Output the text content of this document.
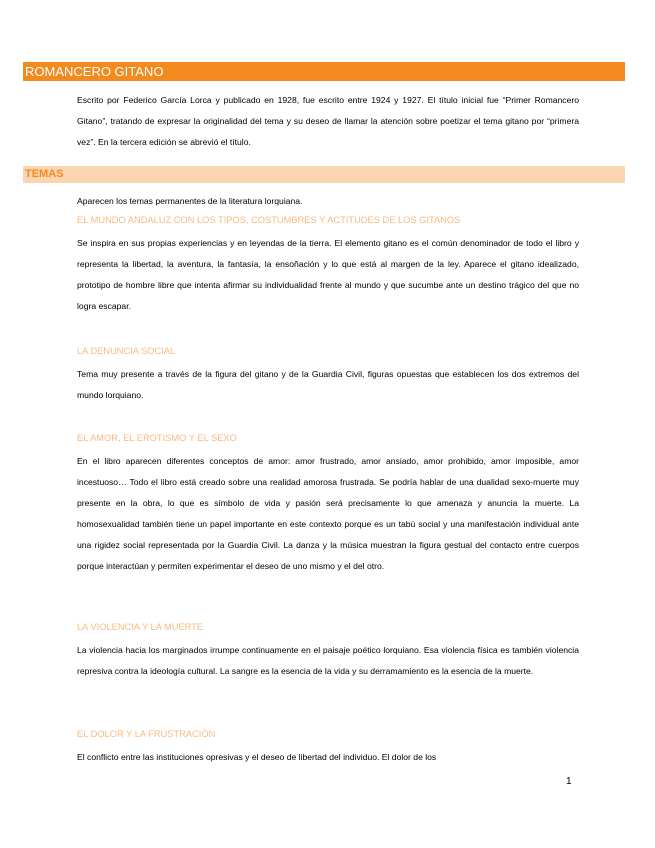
ROMANCERO GITANO

Escrito por Federico García Lorca y publicado en 1928, fue escrito entre 1924 y 1927. El título inicial fue “Primer Romancero Gitano”, tratando de expresar la originalidad del tema y su deseo de llamar la atención sobre poetizar el tema gitano por “primera vez”. En la tercera edición se abrevió el título.

TEMAS

Aparecen los temas permanentes de la literatura lorquiana.

EL MUNDO ANDALUZ CON LOS TIPOS, COSTUMBRES Y ACTITUDES DE LOS GITANOS

Se inspira en sus propias experiencias y en leyendas de la tierra. El elemento gitano es el común denominador de todo el libro y representa la libertad, la aventura, la fantasía, la ensoñación y lo que está al margen de la ley. Aparece el gitano idealizado, prototipo de hombre libre que intenta afirmar su individualidad frente al mundo y que sucumbe ante un destino trágico del que no logra escapar.

LA DENUNCIA SOCIAL

Tema muy presente a través de la figura del gitano y de la Guardia Civil, figuras opuestas que establecen los dos extremos del mundo lorquiano.

EL AMOR, EL EROTISMO Y EL SEXO

En el libro aparecen diferentes conceptos de amor: amor frustrado, amor ansiado, amor prohibido, amor imposible, amor incestuoso… Todo el libro está creado sobre una realidad amorosa frustrada. Se podría hablar de una dualidad sexo-muerte muy presente en la obra, lo que es símbolo de vida y pasión será precisamente lo que amenaza y anuncia la muerte. La homosexualidad también tiene un papel importante en este contexto porque es un tabú social y una manifestación individual ante una rigidez social representada por la Guardia Civil. La danza y la música muestran la figura gestual del contacto entre cuerpos porque interactúan y permiten experimentar el deseo de uno mismo y el del otro.

LA VIOLENCIA Y LA MUERTE

La violencia hacia los marginados irrumpe continuamente en el paisaje poético lorquiano. Esa violencia física es también violencia represiva contra la ideología cultural. La sangre es la esencia de la vida y su derramamiento es la esencia de la muerte.

EL DOLOR Y LA FRUSTRACIÓN

El conflicto entre las instituciones opresivas y el deseo de libertad del individuo. El dolor de los

1
